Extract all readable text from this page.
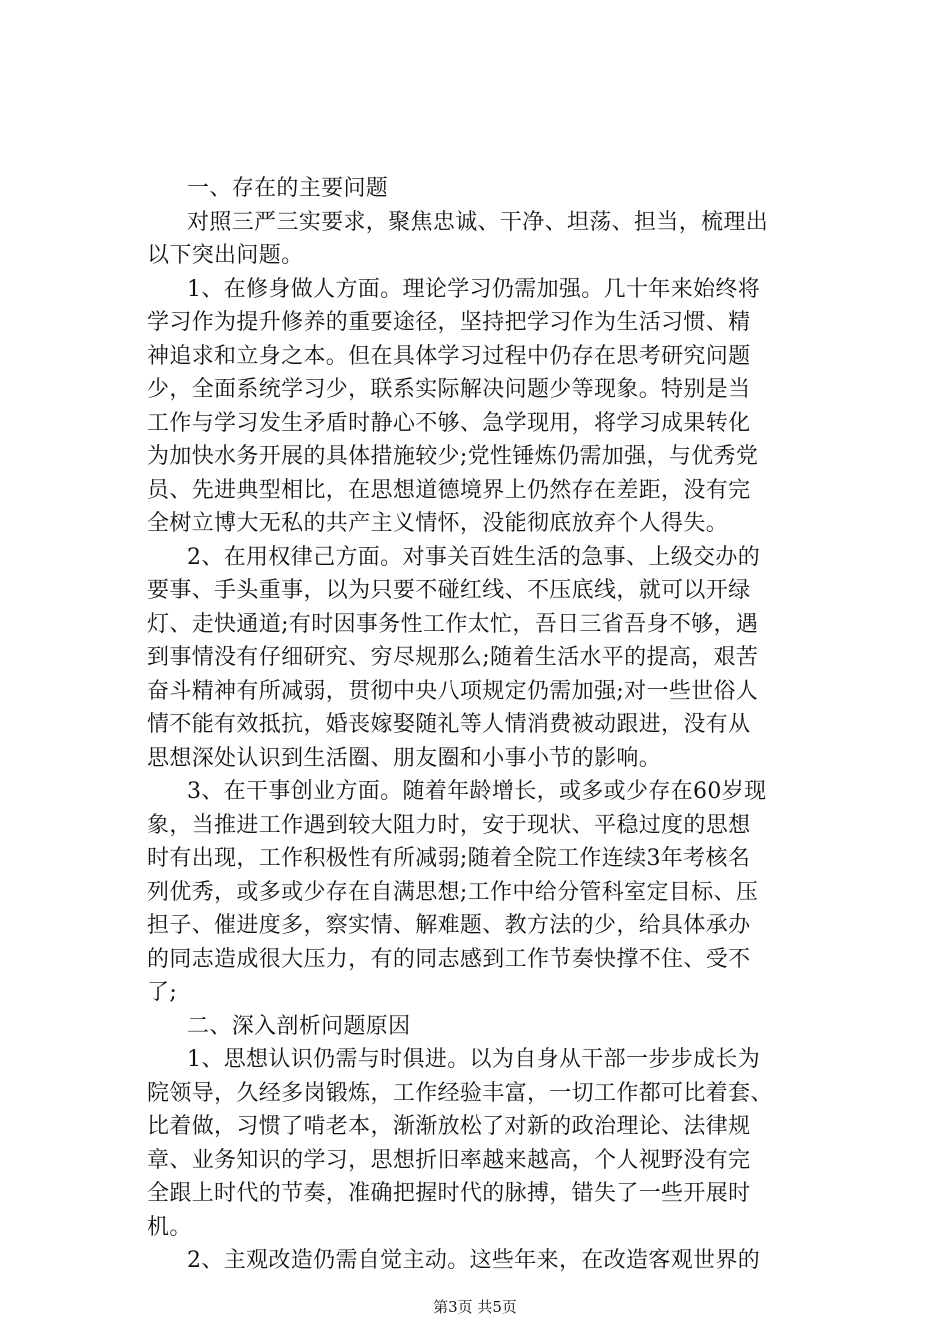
一、存在的主要问题
对照三严三实要求，聚焦忠诚、干净、坦荡、担当，梳理出
以下突出问题。
1、在修身做人方面。理论学习仍需加强。几十年来始终将
学习作为提升修养的重要途径，坚持把学习作为生活习惯、精
神追求和立身之本。但在具体学习过程中仍存在思考研究问题
少，全面系统学习少，联系实际解决问题少等现象。特别是当
工作与学习发生矛盾时静心不够、急学现用，将学习成果转化
为加快水务开展的具体措施较少;党性锤炼仍需加强，与优秀党
员、先进典型相比，在思想道德境界上仍然存在差距，没有完
全树立博大无私的共产主义情怀，没能彻底放弃个人得失。
2、在用权律己方面。对事关百姓生活的急事、上级交办的
要事、手头重事，以为只要不碰红线、不压底线，就可以开绿
灯、走快通道;有时因事务性工作太忙，吾日三省吾身不够，遇
到事情没有仔细研究、穷尽规那么;随着生活水平的提高，艰苦
奋斗精神有所减弱，贯彻中央八项规定仍需加强;对一些世俗人
情不能有效抵抗，婚丧嫁娶随礼等人情消费被动跟进，没有从
思想深处认识到生活圈、朋友圈和小事小节的影响。
3、在干事创业方面。随着年龄增长，或多或少存在60岁现
象，当推进工作遇到较大阻力时，安于现状、平稳过度的思想
时有出现，工作积极性有所减弱;随着全院工作连续3年考核名
列优秀，或多或少存在自满思想;工作中给分管科室定目标、压
担子、催进度多，察实情、解难题、教方法的少，给具体承办
的同志造成很大压力，有的同志感到工作节奏快撑不住、受不
了;
二、深入剖析问题原因
1、思想认识仍需与时俱进。以为自身从干部一步步成长为
院领导，久经多岗锻炼，工作经验丰富，一切工作都可比着套、
比着做，习惯了啃老本，渐渐放松了对新的政治理论、法律规
章、业务知识的学习，思想折旧率越来越高，个人视野没有完
全跟上时代的节奏，准确把握时代的脉搏，错失了一些开展时
机。
2、主观改造仍需自觉主动。这些年来，在改造客观世界的
第3页 共5页
